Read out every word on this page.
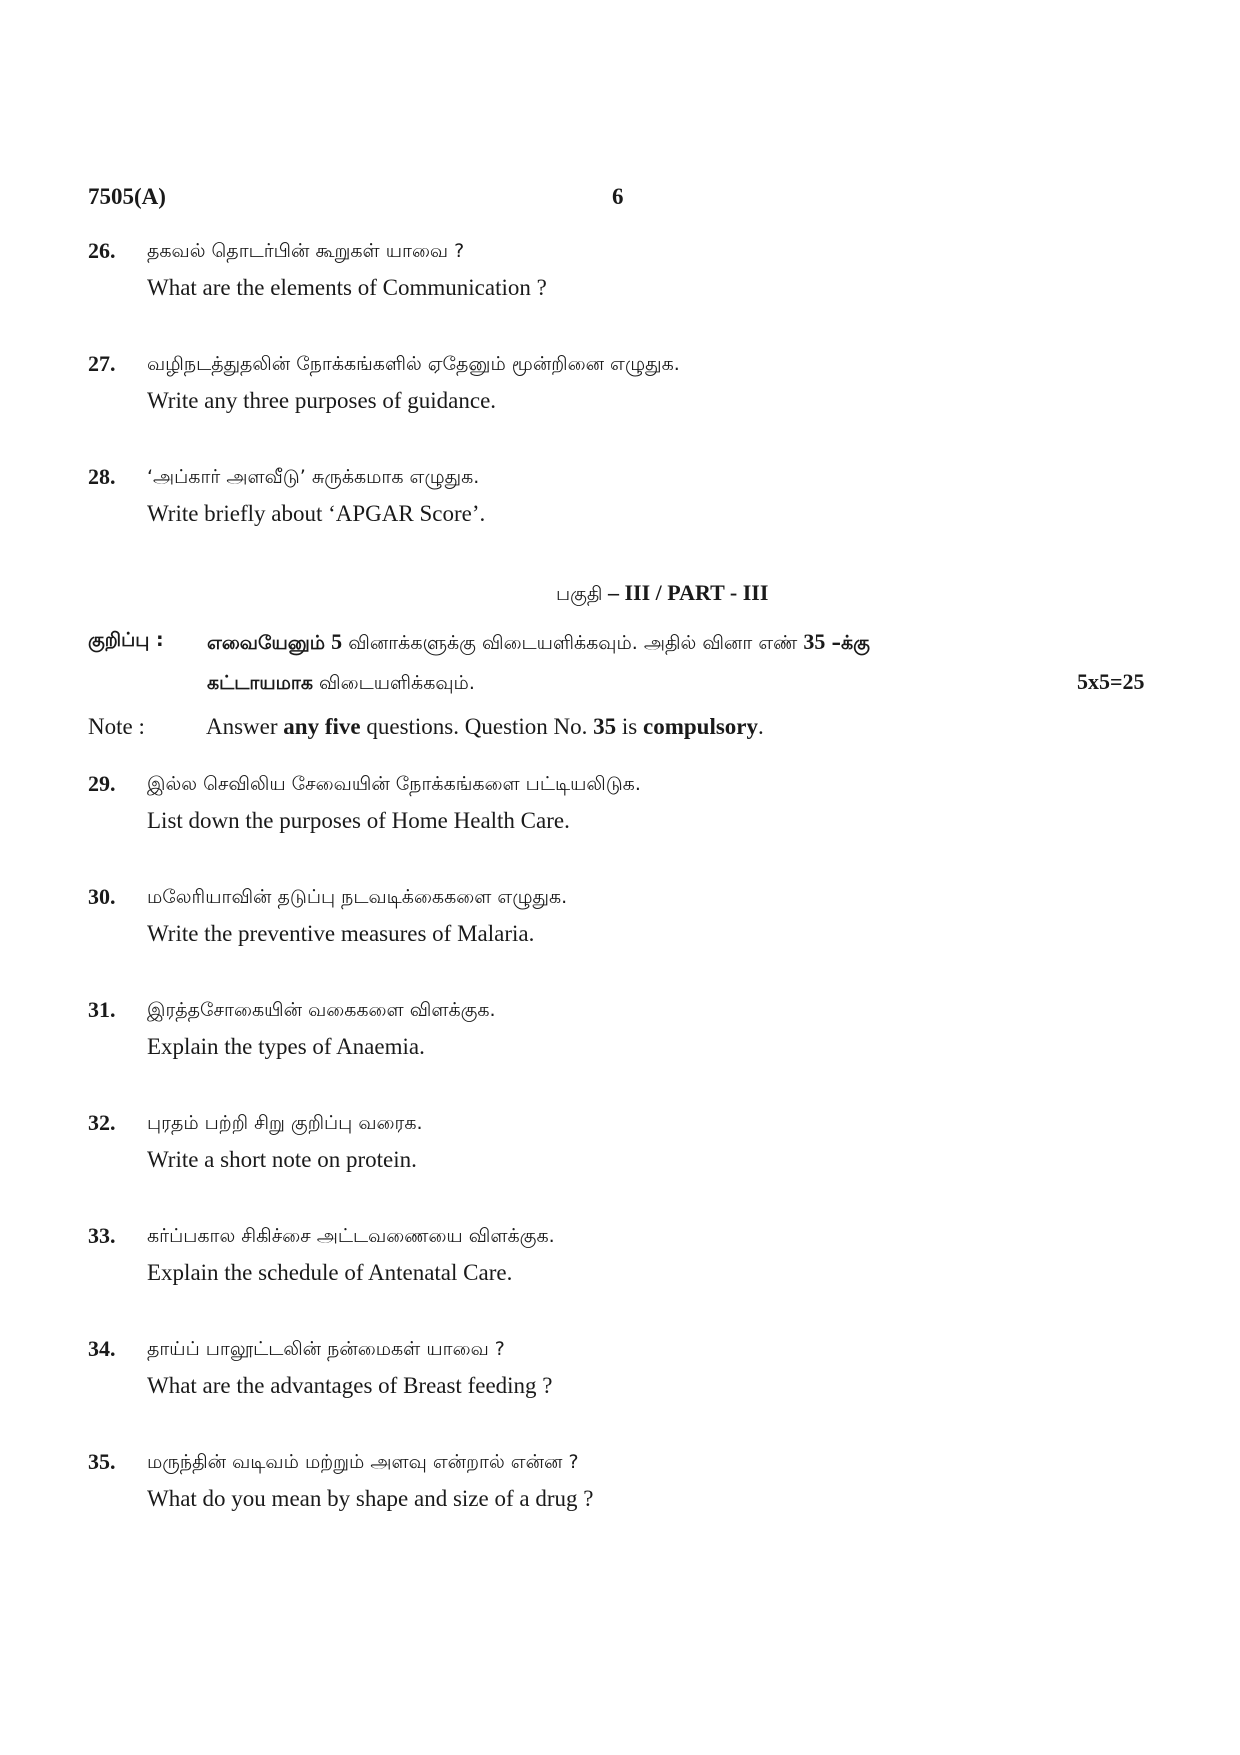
7505(A)	6
26. தகவல் தொடர்பின் கூறுகள் யாவை ?
What are the elements of Communication ?
27. வழிநடத்துதலின் நோக்கங்களில் ஏதேனும் மூன்றினை எழுதுக.
Write any three purposes of guidance.
28. ‘அப்கார் அளவீடு’ சுருக்கமாக எழுதுக.
Write briefly about ‘APGAR Score’.
பகுதி – III / PART - III
குறிப்பு : எவையேனும் 5 வினாக்களுக்கு விடையளிக்கவும். அதில் வினா எண் 35 –க்கு
கட்டாயமாக விடையளிக்கவும்.	5x5=25
Note :	Answer any five questions. Question No. 35 is compulsory.
29. இல்ல செவிலிய சேவையின் நோக்கங்களை பட்டியலிடுக.
List down the purposes of Home Health Care.
30. மலேரியாவின் தடுப்பு நடவடிக்கைகளை எழுதுக.
Write the preventive measures of Malaria.
31. இரத்தசோகையின் வகைகளை விளக்குக.
Explain the types of Anaemia.
32. புரதம் பற்றி சிறு குறிப்பு வரைக.
Write a short note on protein.
33. கர்ப்பகால சிகிச்சை அட்டவணையை விளக்குக.
Explain the schedule of Antenatal Care.
34. தாய்ப் பாலூட்டலின் நன்மைகள் யாவை ?
What are the advantages of Breast feeding ?
35. மருந்தின் வடிவம் மற்றும் அளவு என்றால் என்ன ?
What do you mean by shape and size of a drug ?
